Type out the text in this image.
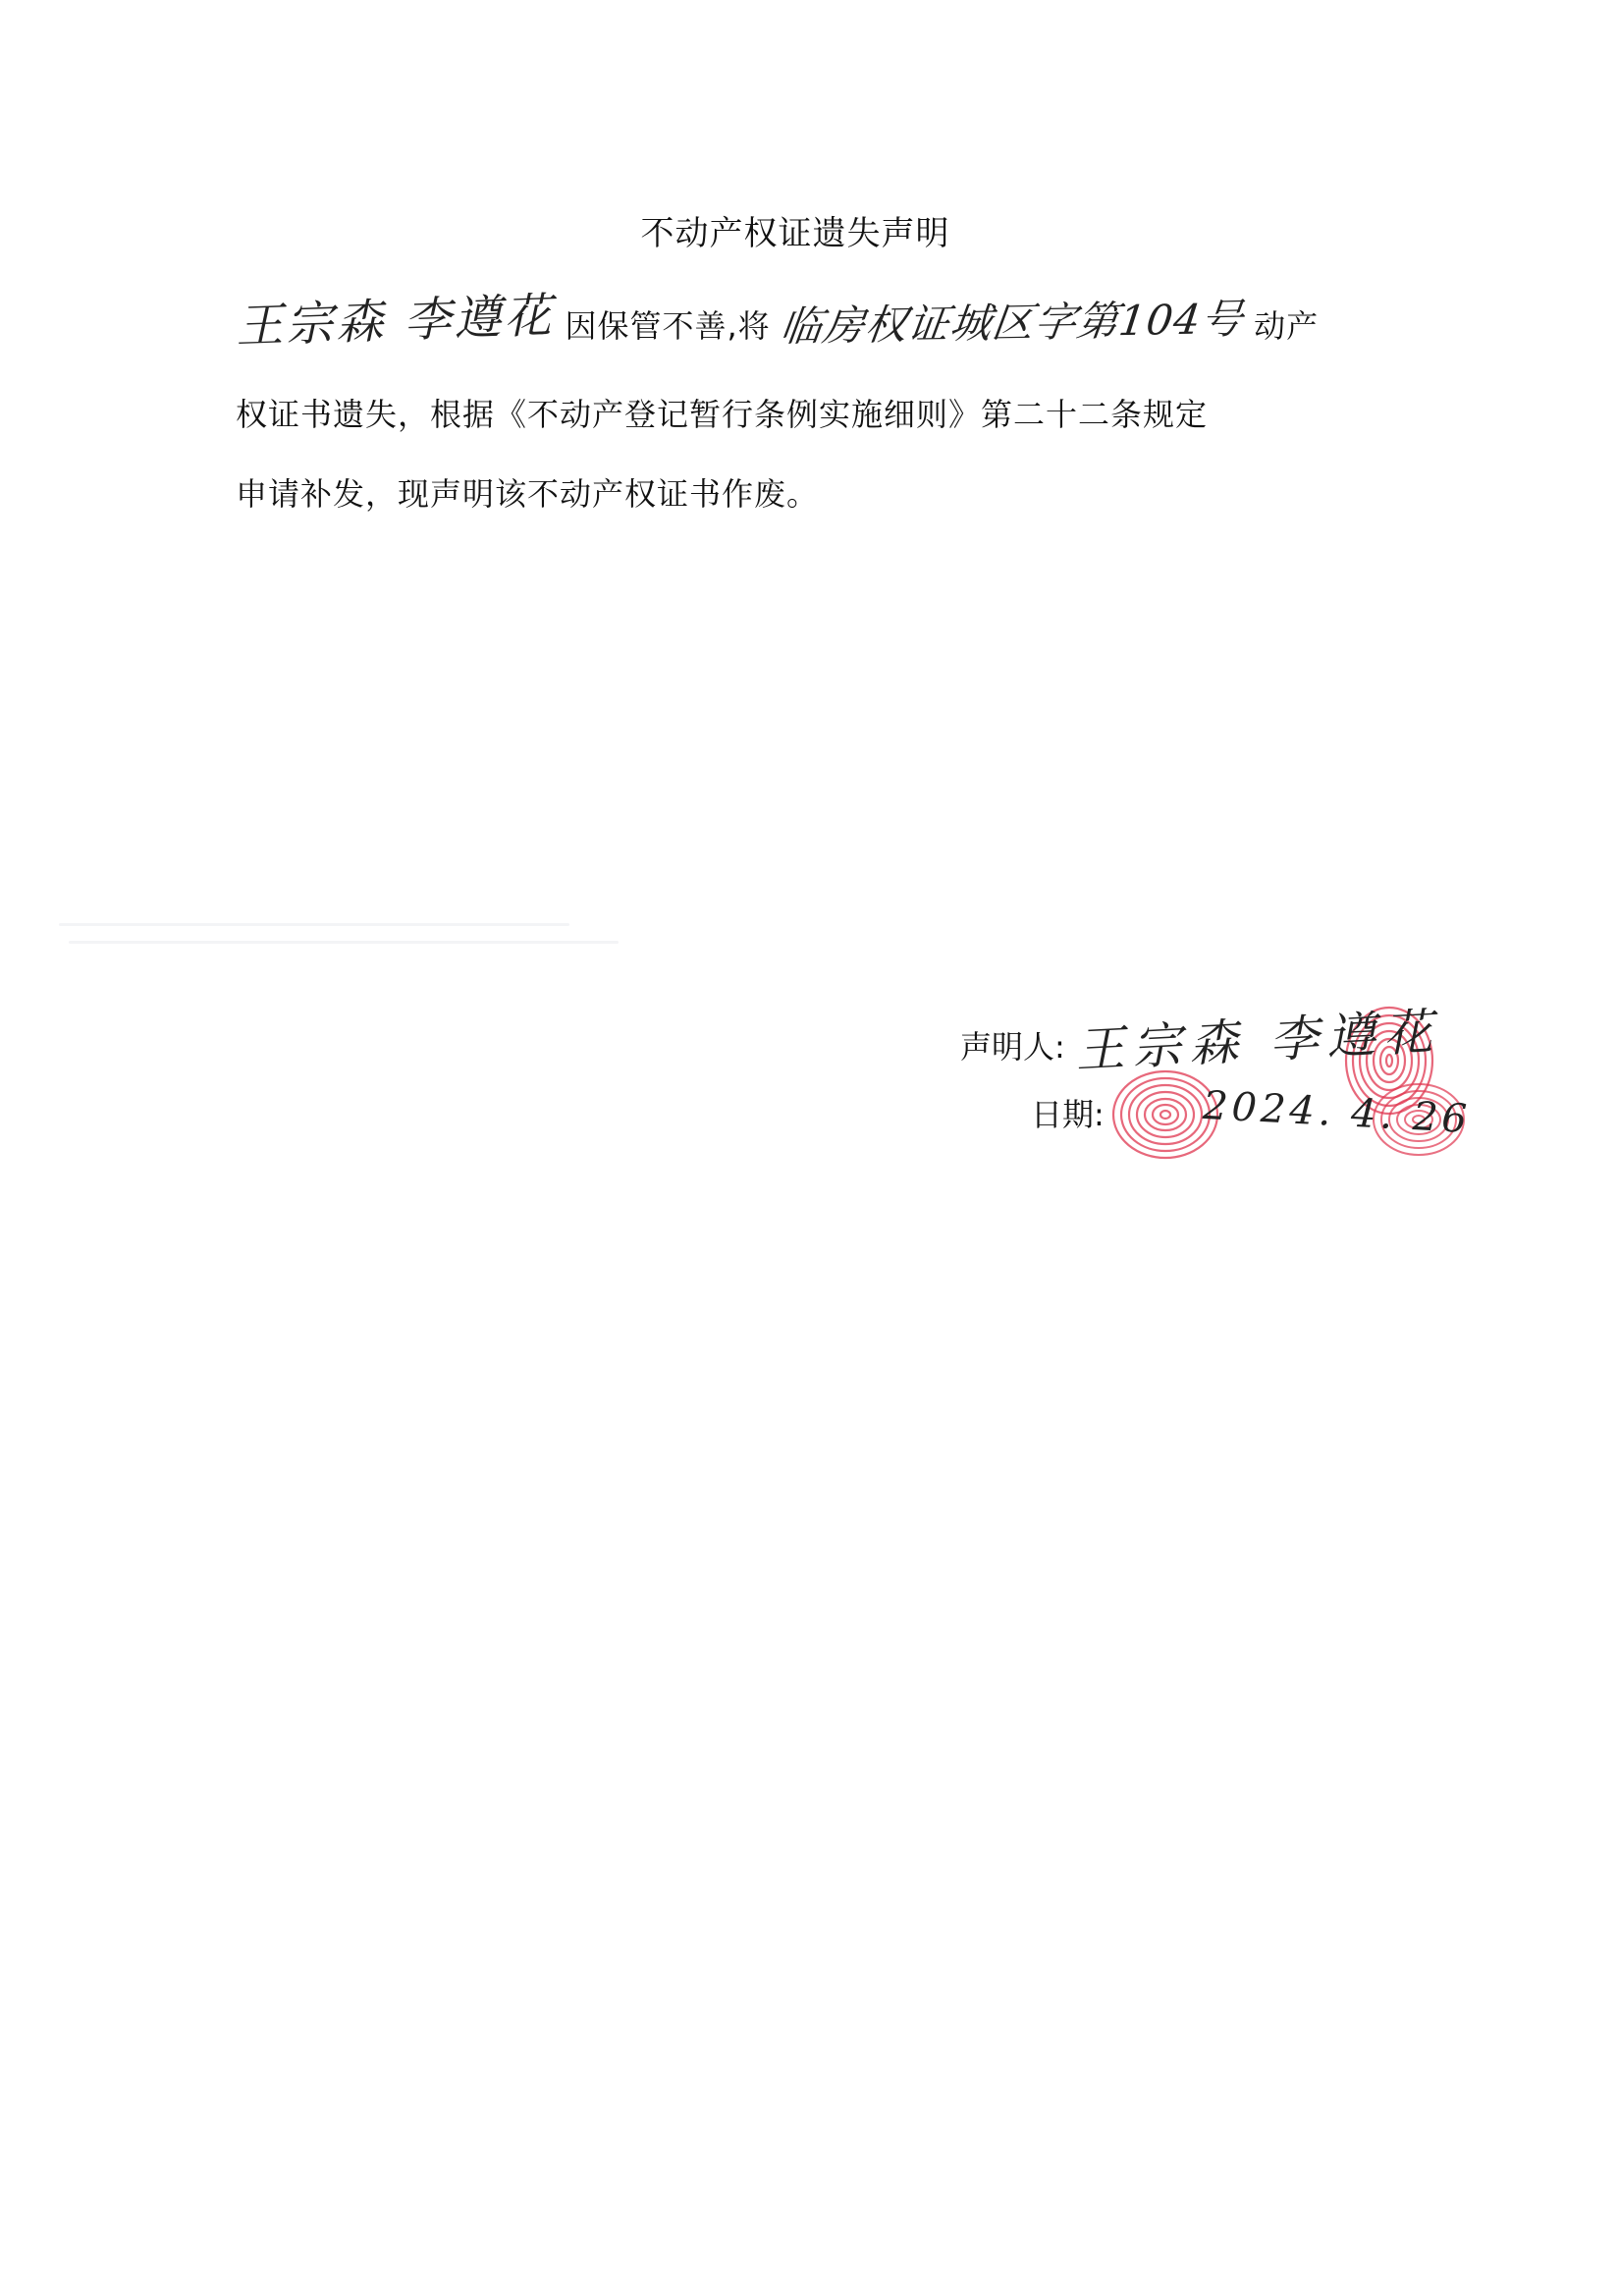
不动产权证遗失声明
王宗森 李遵花 因保管不善,将 临房权证城区字第104号 动产
权证书遗失，根据《不动产登记暂行条例实施细则》第二十二条规定
申请补发，现声明该不动产权证书作废。
声明人: 王宗森 李遵花
日期: 2024. 4. 26
